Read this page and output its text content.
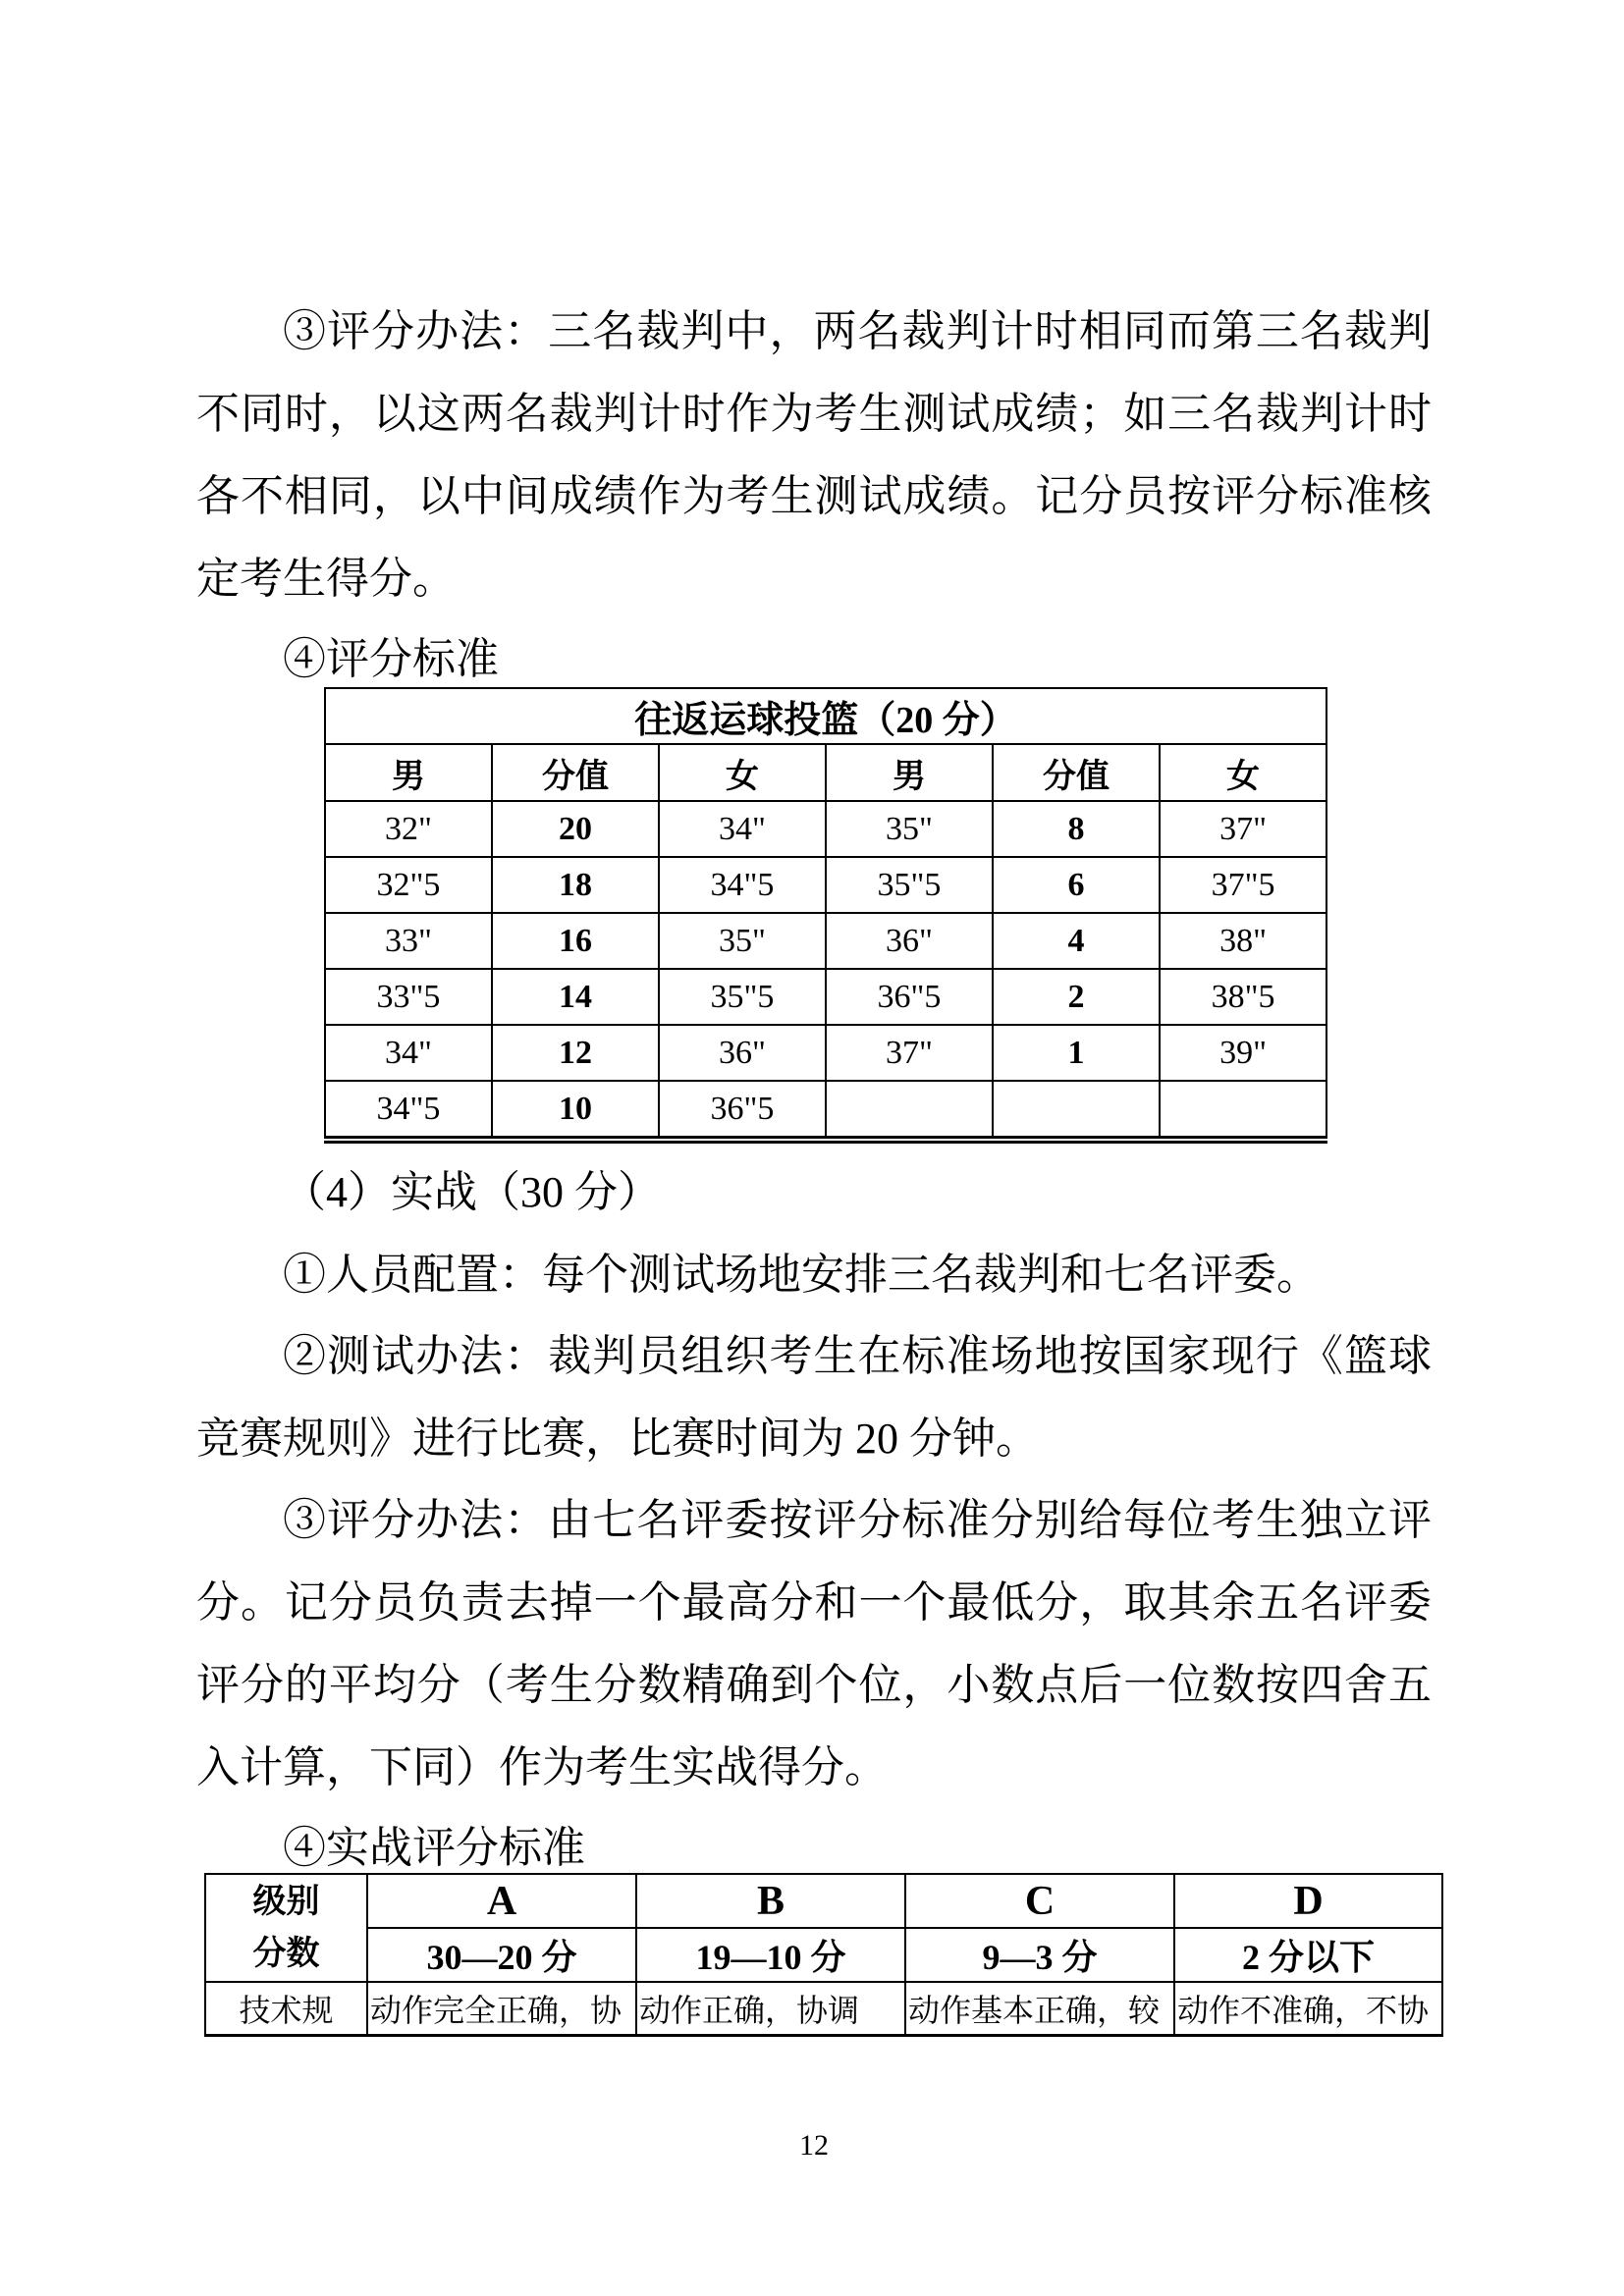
③评分办法：三名裁判中，两名裁判计时相同而第三名裁判
不同时，以这两名裁判计时作为考生测试成绩；如三名裁判计时
各不相同，以中间成绩作为考生测试成绩。记分员按评分标准核
定考生得分。
④评分标准
往返运球投篮（20 分）					
男	分值	女	男	分值	女
32"	20	34"	35"	8	37"
32"5	18	34"5	35"5	6	37"5
33"	16	35"	36"	4	38"
33"5	14	35"5	36"5	2	38"5
34"	12	36"	37"	1	39"
34"5	10	36"5			
（4）实战（30 分）
①人员配置：每个测试场地安排三名裁判和七名评委。
②测试办法：裁判员组织考生在标准场地按国家现行《篮球
竞赛规则》进行比赛，比赛时间为 20 分钟。
③评分办法：由七名评委按评分标准分别给每位考生独立评
分。记分员负责去掉一个最高分和一个最低分，取其余五名评委
评分的平均分（考生分数精确到个位，小数点后一位数按四舍五
入计算，下同）作为考生实战得分。
④实战评分标准
级别
分数	A	B	C	D
	30—20 分	19—10 分	9—3 分	2 分以下
技术规	动作完全正确，协	动作正确，协调	动作基本正确，较	动作不准确，不协
12
